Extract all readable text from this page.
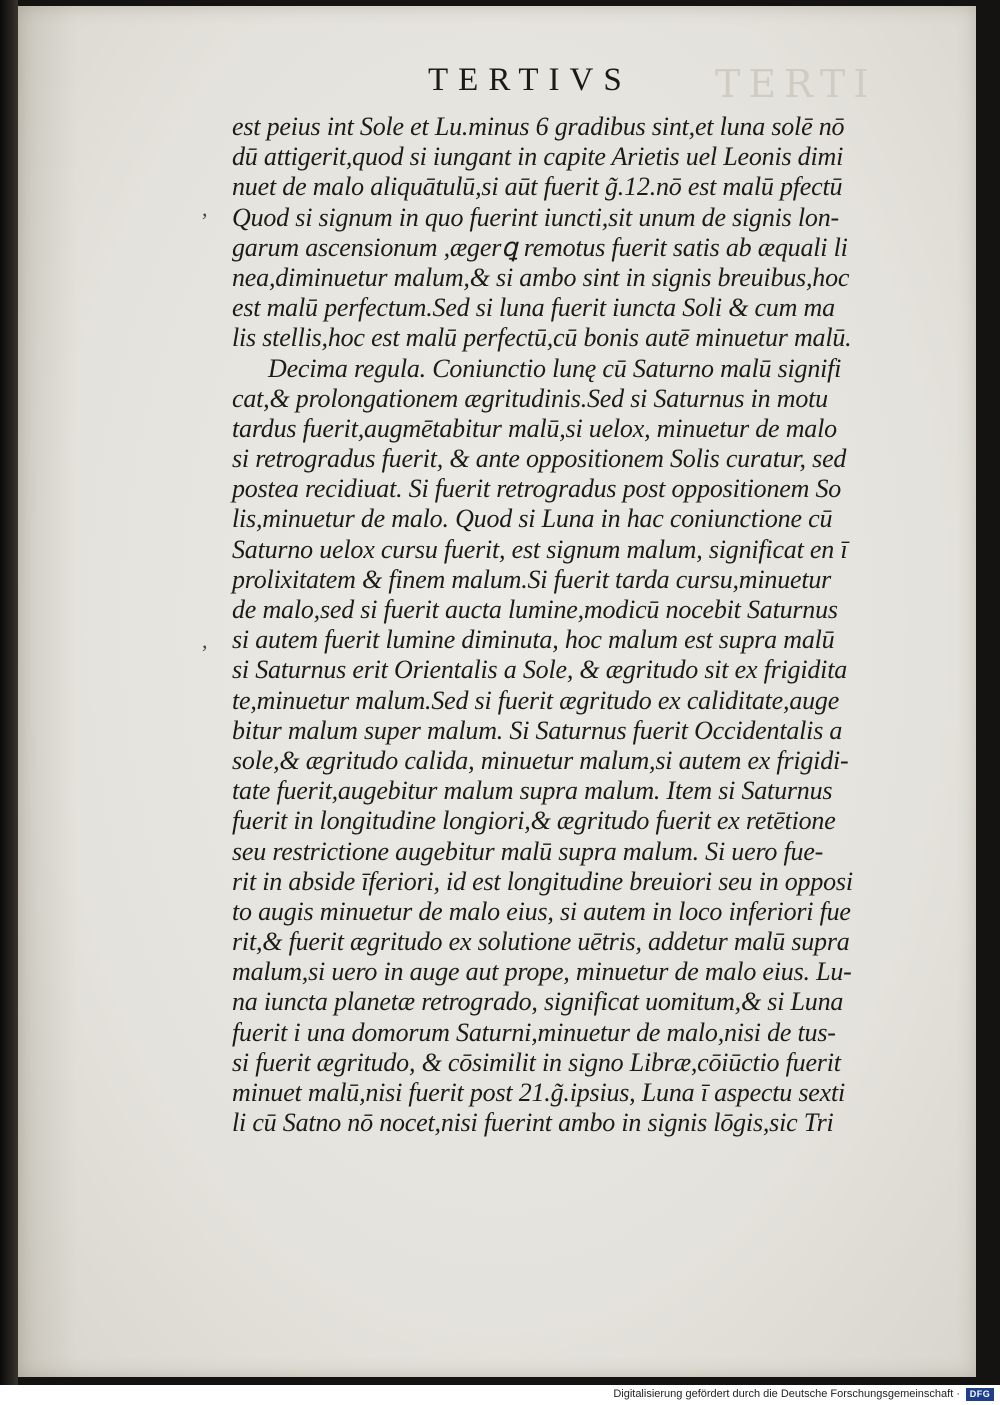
TERTI
TERTIVS
,
,
est peius int Sole et Lu.minus 6 gradibus sint,et luna solē nō
dū attigerit,quod si iungant in capite Arietis uel Leonis dimi
nuet de malo aliquātulū,si aūt fuerit g̃.12.nō est malū pfectū
Quod si signum in quo fuerint iuncti,sit unum de signis lon-
garum ascensionum ,ægerꝗ remotus fuerit satis ab æquali li
nea,diminuetur malum,& si ambo sint in signis breuibus,hoc
est malū perfectum.Sed si luna fuerit iuncta Soli & cum ma
lis stellis,hoc est malū perfectū,cū bonis autē minuetur malū.
Decima regula. Coniunctio lunę cū Saturno malū signifi
cat,& prolongationem ægritudinis.Sed si Saturnus in motu
tardus fuerit,augmētabitur malū,si uelox, minuetur de malo
si retrogradus fuerit, & ante oppositionem Solis curatur, sed
postea recidiuat. Si fuerit retrogradus post oppositionem So
lis,minuetur de malo. Quod si Luna in hac coniunctione cū
Saturno uelox cursu fuerit, est signum malum, significat en ī
prolixitatem & finem malum.Si fuerit tarda cursu,minuetur
de malo,sed si fuerit aucta lumine,modicū nocebit Saturnus
si autem fuerit lumine diminuta, hoc malum est supra malū
si Saturnus erit Orientalis a Sole, & ægritudo sit ex frigidita
te,minuetur malum.Sed si fuerit ægritudo ex caliditate,auge
bitur malum super malum. Si Saturnus fuerit Occidentalis a
sole,& ægritudo calida, minuetur malum,si autem ex frigidi-
tate fuerit,augebitur malum supra malum. Item si Saturnus
fuerit in longitudine longiori,& ægritudo fuerit ex retētione
seu restrictione augebitur malū supra malum. Si uero fue-
rit in abside īferiori, id est longitudine breuiori seu in opposi
to augis minuetur de malo eius, si autem in loco inferiori fue
rit,& fuerit ægritudo ex solutione uētris, addetur malū supra
malum,si uero in auge aut prope, minuetur de malo eius. Lu-
na iuncta planetæ retrogrado, significat uomitum,& si Luna
fuerit i una domorum Saturni,minuetur de malo,nisi de tus-
si fuerit ægritudo, & cōsimilit in signo Libræ,cōiūctio fuerit
minuet malū,nisi fuerit post 21.g̃.ipsius, Luna ī aspectu sexti
li cū Satno nō nocet,nisi fuerint ambo in signis lōgis,sic Tri
Digitalisierung gefördert durch die Deutsche Forschungsgemeinschaft ·	DFG
